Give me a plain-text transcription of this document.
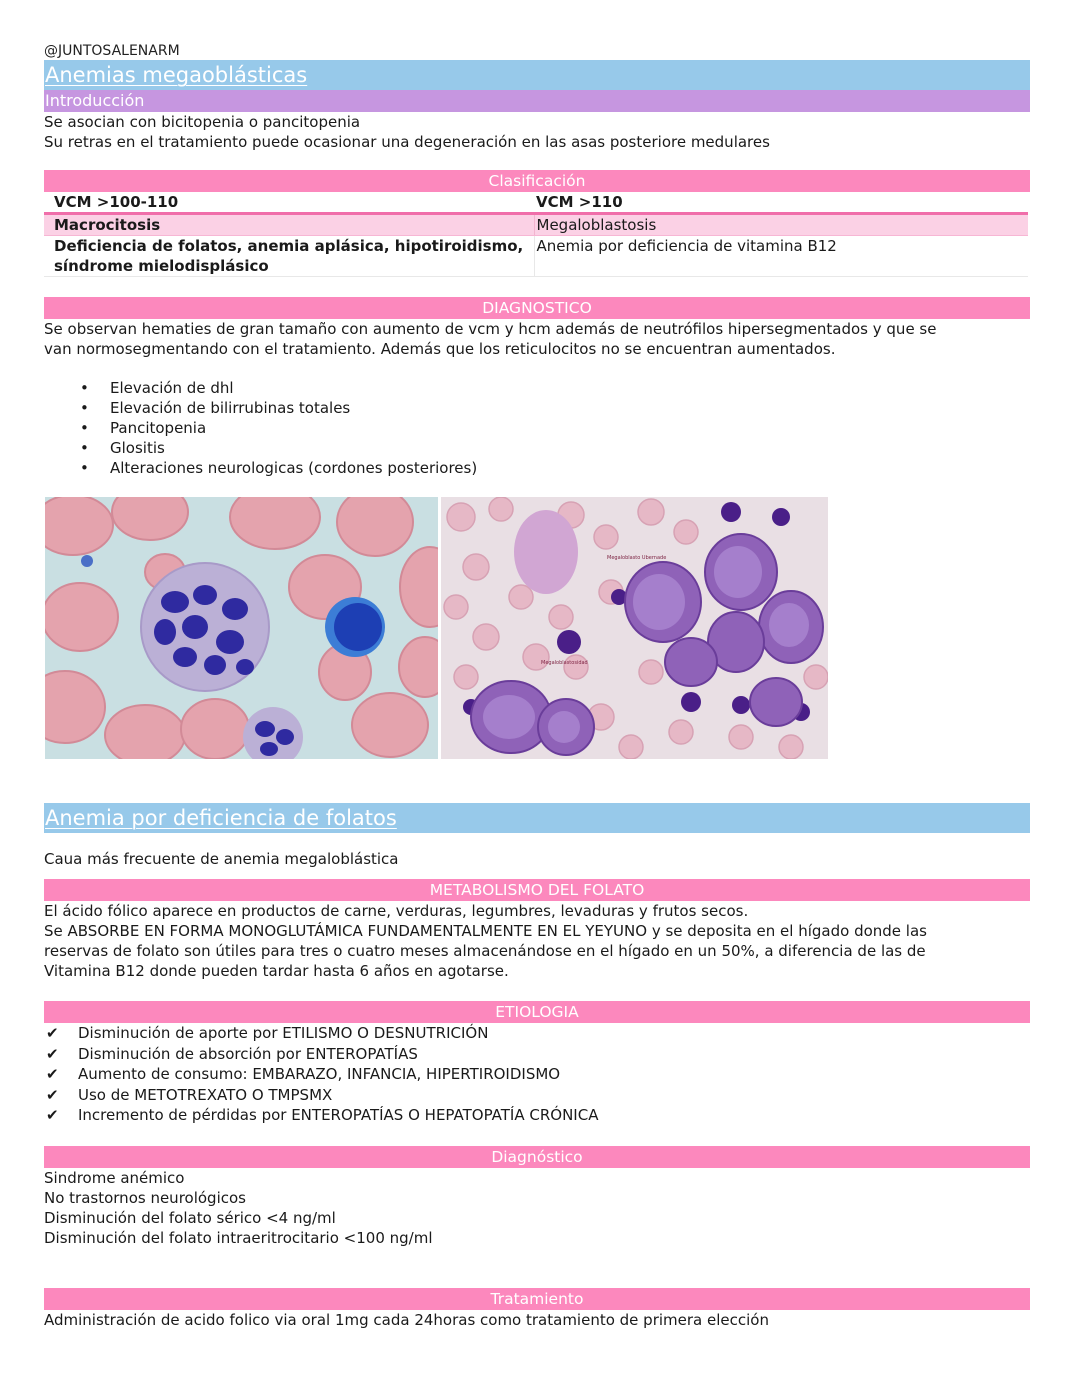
@JUNTOSALENARM
Anemias megaoblásticas
Introducción

Se asocian con bicitopenia o pancitopenia

Su retras en el tratamiento puede ocasionar una degeneración en las asas posteriore medulares

Clasificación
VCM >100-110	VCM >110
Macrocitosis	Megaloblastosis

Deficiencia de folatos, anemia aplásica, hipotiroidismo,
síndrome mielodisplásico	Anemia por deficiencia de vitamina B12
DIAGNOSTICO

Se observan hematies de gran tamaño con aumento de vcm y hcm además de neutrófilos hipersegmentados y que se

van normosegmentando con el tratamiento. Además que los reticulocitos no se encuentran aumentados.

• Elevación de dhl
• Elevación de bilirrubinas totales
• Pancitopenia
• Glositis
• Alteraciones neurologicas (cordones posteriores)
Megaloblasto Ubernade
Megaloblastosidad
Anemia por deficiencia de folatos

Caua más frecuente de anemia megaloblástica

METABOLISMO DEL FOLATO

El ácido fólico aparece en productos de carne, verduras, legumbres, levaduras y frutos secos.

Se ABSORBE EN FORMA MONOGLUTÁMICA FUNDAMENTALMENTE EN EL YEYUNO y se deposita en el hígado donde las

reservas de folato son útiles para tres o cuatro meses almacenándose en el hígado en un 50%, a diferencia de las de

Vitamina B12 donde pueden tardar hasta 6 años en agotarse.

ETIOLOGIA
✔ Disminución de aporte por ETILISMO O DESNUTRICIÓN
✔ Disminución de absorción por ENTEROPATÍAS
✔ Aumento de consumo: EMBARAZO, INFANCIA, HIPERTIROIDISMO
✔ Uso de METOTREXATO O TMPSMX
✔ Incremento de pérdidas por ENTEROPATÍAS O HEPATOPATÍA CRÓNICA
Diagnóstico

Sindrome anémico

No trastornos neurológicos

Disminución del folato sérico <4 ng/ml

Disminución del folato intraeritrocitario <100 ng/ml

Tratamiento

Administración de acido folico via oral 1mg cada 24horas como tratamiento de primera elección
